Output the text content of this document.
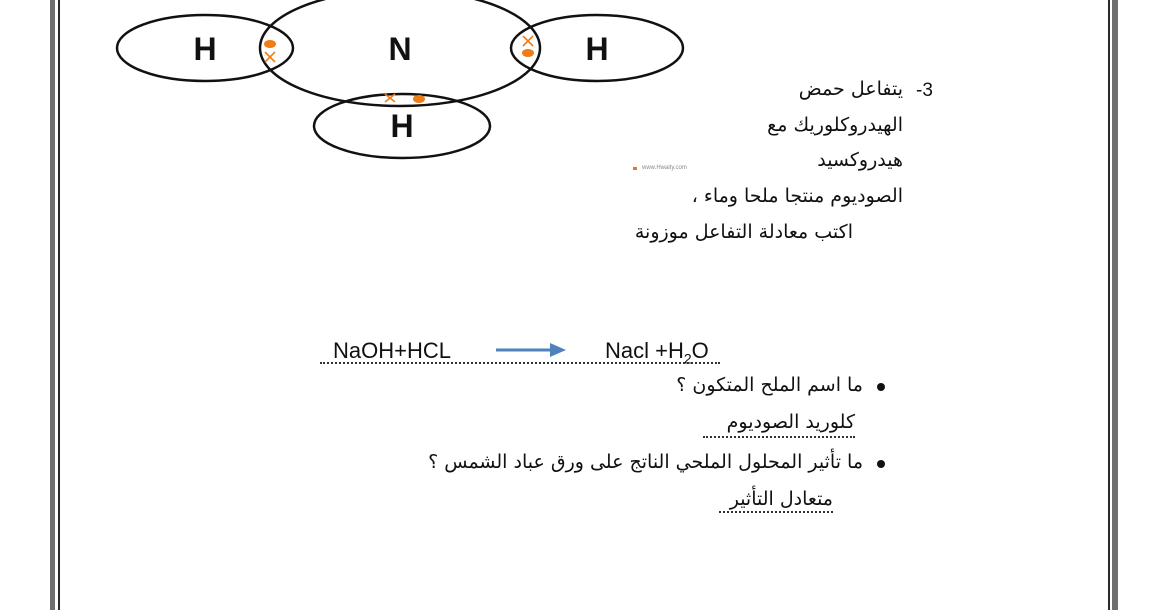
H	N	H
H
-3
يتفاعل حمض
الهيدروكلوريك مع
هيدروكسيد
الصوديوم منتجا ملحا وماء ،
اكتب معادلة التفاعل موزونة
www.Hwaity.com
NaOH+HCL	Nacl $+H_2O$
ما اسم الملح المتكون ؟
كلوريد الصوديوم
ما تأثير المحلول الملحي الناتج على ورق عباد الشمس ؟
متعادل التأثير
